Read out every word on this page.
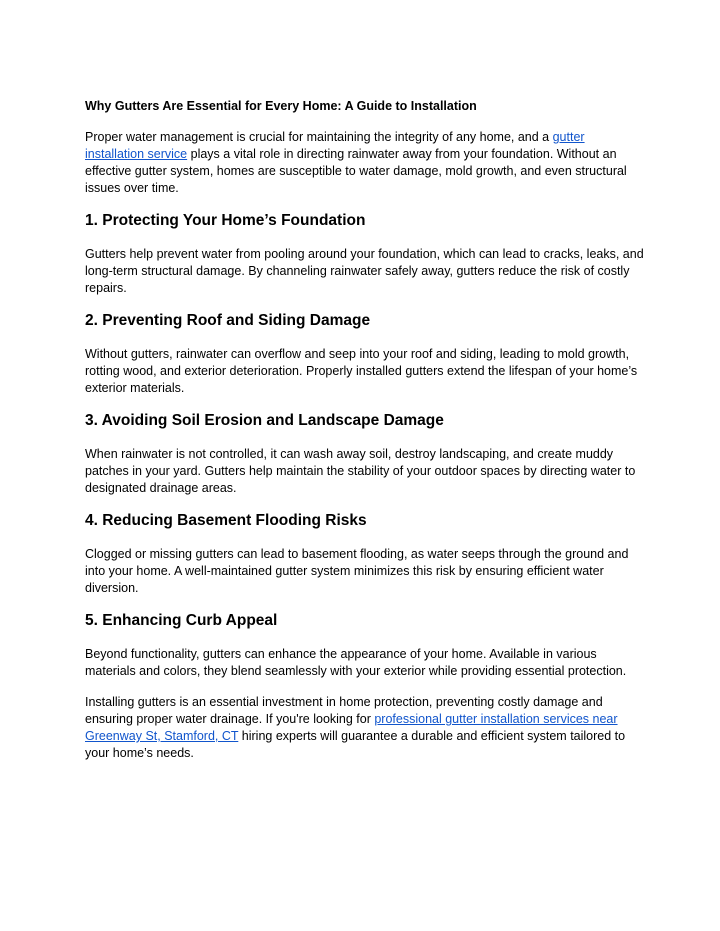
Why Gutters Are Essential for Every Home: A Guide to Installation

Proper water management is crucial for maintaining the integrity of any home, and a gutter installation service plays a vital role in directing rainwater away from your foundation. Without an effective gutter system, homes are susceptible to water damage, mold growth, and even structural issues over time.

1. Protecting Your Home’s Foundation

Gutters help prevent water from pooling around your foundation, which can lead to cracks, leaks, and long-term structural damage. By channeling rainwater safely away, gutters reduce the risk of costly repairs.

2. Preventing Roof and Siding Damage

Without gutters, rainwater can overflow and seep into your roof and siding, leading to mold growth, rotting wood, and exterior deterioration. Properly installed gutters extend the lifespan of your home’s exterior materials.

3. Avoiding Soil Erosion and Landscape Damage

When rainwater is not controlled, it can wash away soil, destroy landscaping, and create muddy patches in your yard. Gutters help maintain the stability of your outdoor spaces by directing water to designated drainage areas.

4. Reducing Basement Flooding Risks

Clogged or missing gutters can lead to basement flooding, as water seeps through the ground and into your home. A well-maintained gutter system minimizes this risk by ensuring efficient water diversion.

5. Enhancing Curb Appeal

Beyond functionality, gutters can enhance the appearance of your home. Available in various materials and colors, they blend seamlessly with your exterior while providing essential protection.

Installing gutters is an essential investment in home protection, preventing costly damage and ensuring proper water drainage. If you're looking for professional gutter installation services near Greenway St, Stamford, CT hiring experts will guarantee a durable and efficient system tailored to your home’s needs.
